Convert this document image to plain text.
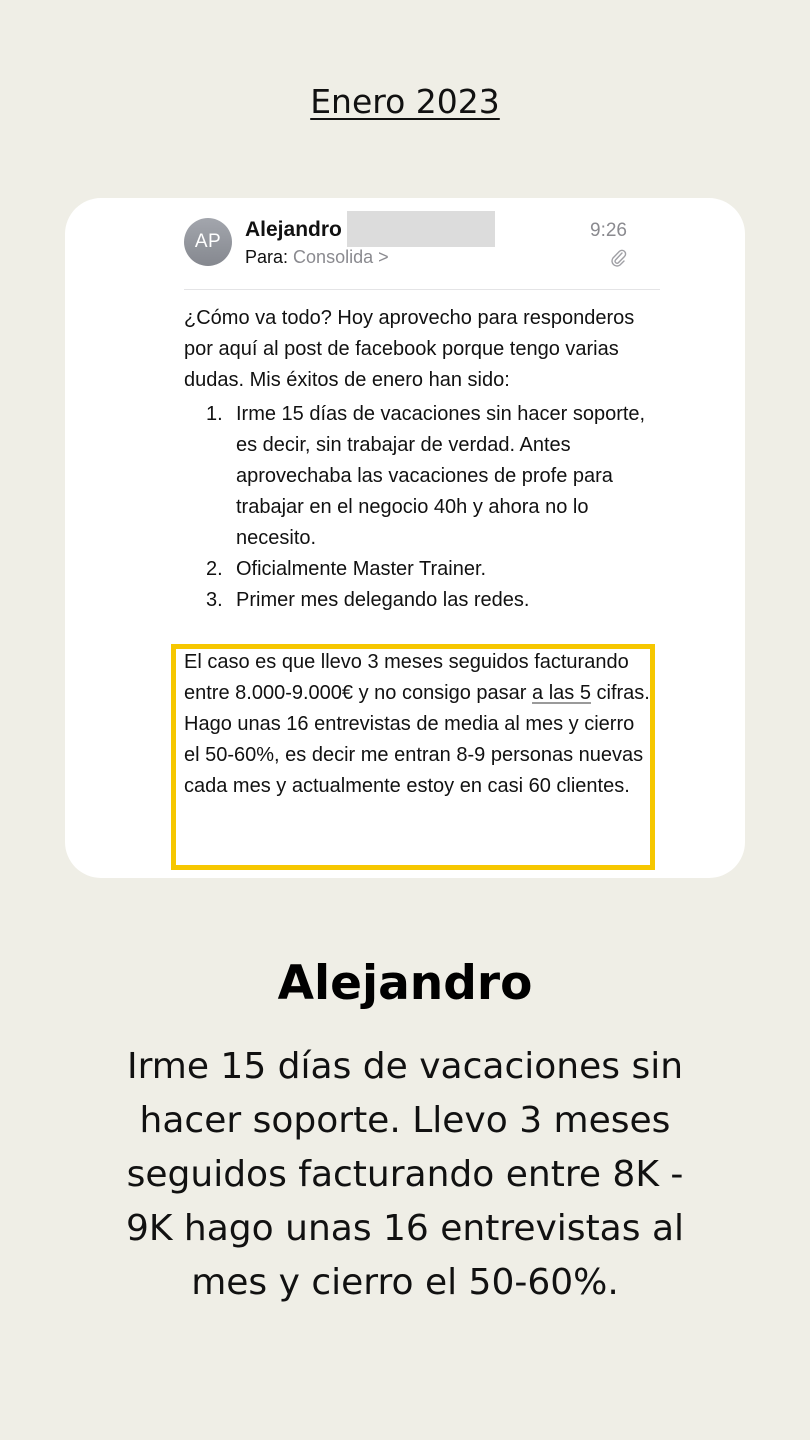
Enero 2023
AP
Alejandro
Para: Consolida >
9:26

¿Cómo va todo? Hoy aprovecho para responderos por aquí al post de facebook porque tengo varias dudas. Mis éxitos de enero han sido:

1. Irme 15 días de vacaciones sin hacer soporte, es decir, sin trabajar de verdad. Antes aprovechaba las vacaciones de profe para trabajar en el negocio 40h y ahora no lo necesito.
2. Oficialmente Master Trainer.
3. Primer mes delegando las redes.

El caso es que llevo 3 meses seguidos facturando entre 8.000-9.000€ y no consigo pasar a las 5 cifras. Hago unas 16 entrevistas de media al mes y cierro el 50-60%, es decir me entran 8-9 personas nuevas cada mes y actualmente estoy en casi 60 clientes.

Alejandro

Irme 15 días de vacaciones sin hacer soporte. Llevo 3 meses seguidos facturando entre 8K - 9K hago unas 16 entrevistas al mes y cierro el 50-60%.
